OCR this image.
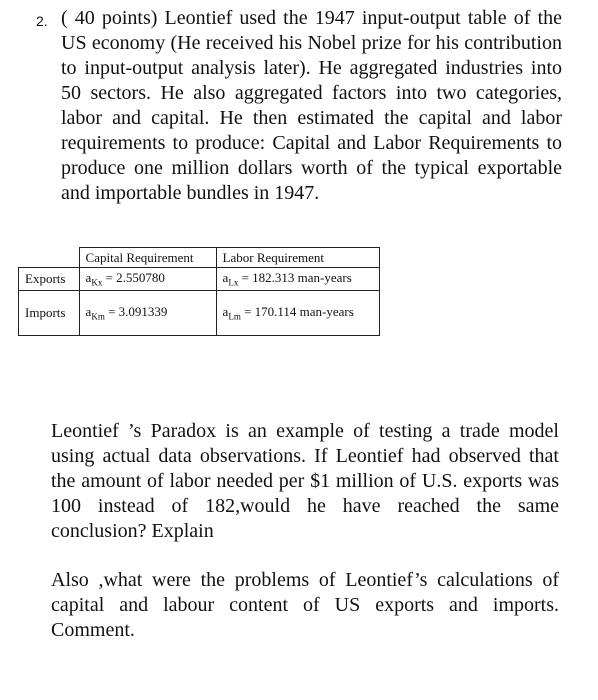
2. ( 40 points) Leontief used the 1947 input-output table of the US economy (He received his Nobel prize for his contribution to input-output analysis later). He aggregated industries into 50 sectors. He also aggregated factors into two categories, labor and capital. He then estimated the capital and labor requirements to produce: Capital and Labor Requirements to produce one million dollars worth of the typical exportable and importable bundles in 1947.

	Capital Requirement	Labor Requirement
Exports	$a_{Kx} = 2.550780$	$a_{Lx} = 182.313$ man-years
Imports	$a_{Km} = 3.091339$	$a_{Lm} = 170.114$ man-years

Leontief ’s Paradox is an example of testing a trade model using actual data observations. If Leontief had observed that the amount of labor needed per $1 million of U.S. exports was 100 instead of 182,would he have reached the same conclusion? Explain

Also ,what were the problems of Leontief’s calculations of capital and labour content of US exports and imports. Comment.
